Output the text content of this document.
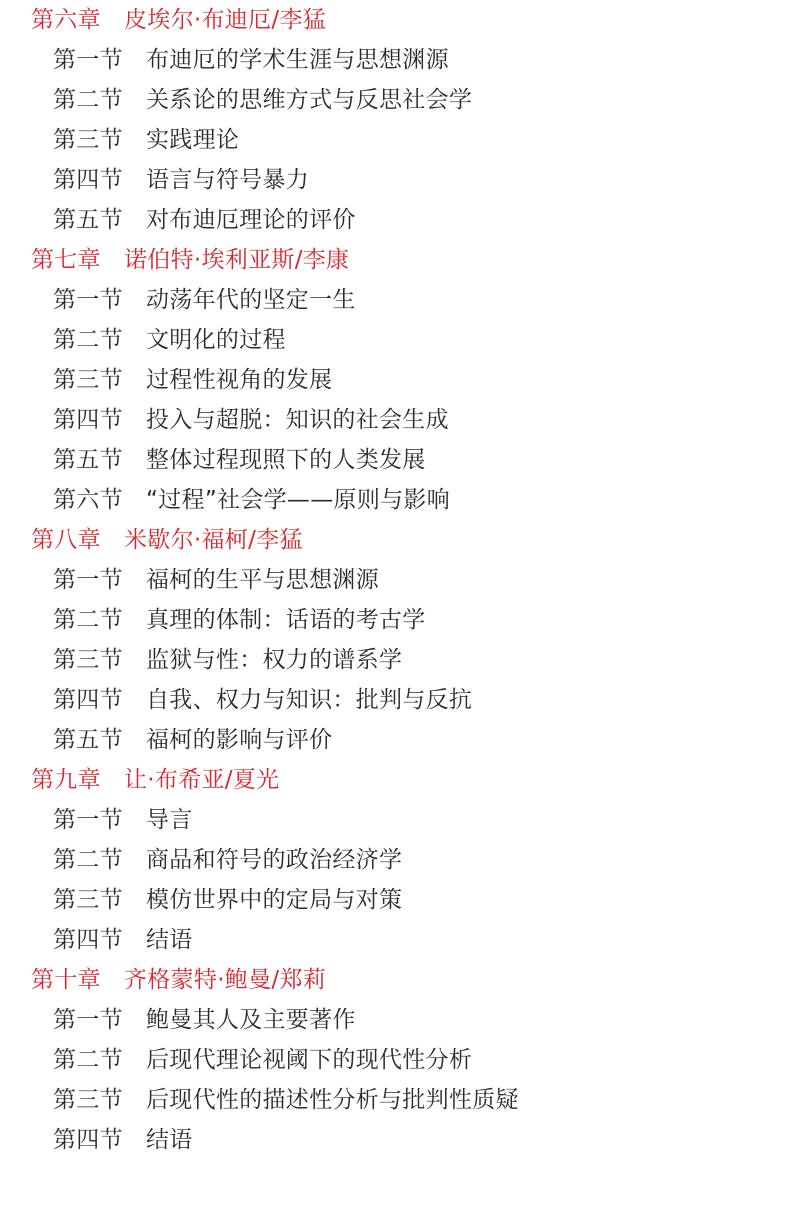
第六章 皮埃尔·布迪厄/李猛
第一节 布迪厄的学术生涯与思想渊源
第二节 关系论的思维方式与反思社会学
第三节 实践理论
第四节 语言与符号暴力
第五节 对布迪厄理论的评价
第七章 诺伯特·埃利亚斯/李康
第一节 动荡年代的坚定一生
第二节 文明化的过程
第三节 过程性视角的发展
第四节 投入与超脱：知识的社会生成
第五节 整体过程现照下的人类发展
第六节 “过程”社会学——原则与影响
第八章 米歇尔·福柯/李猛
第一节 福柯的生平与思想渊源
第二节 真理的体制：话语的考古学
第三节 监狱与性：权力的谱系学
第四节 自我、权力与知识：批判与反抗
第五节 福柯的影响与评价
第九章 让·布希亚/夏光
第一节 导言
第二节 商品和符号的政治经济学
第三节 模仿世界中的定局与对策
第四节 结语
第十章 齐格蒙特·鲍曼/郑莉
第一节 鲍曼其人及主要著作
第二节 后现代理论视阈下的现代性分析
第三节 后现代性的描述性分析与批判性质疑
第四节 结语
